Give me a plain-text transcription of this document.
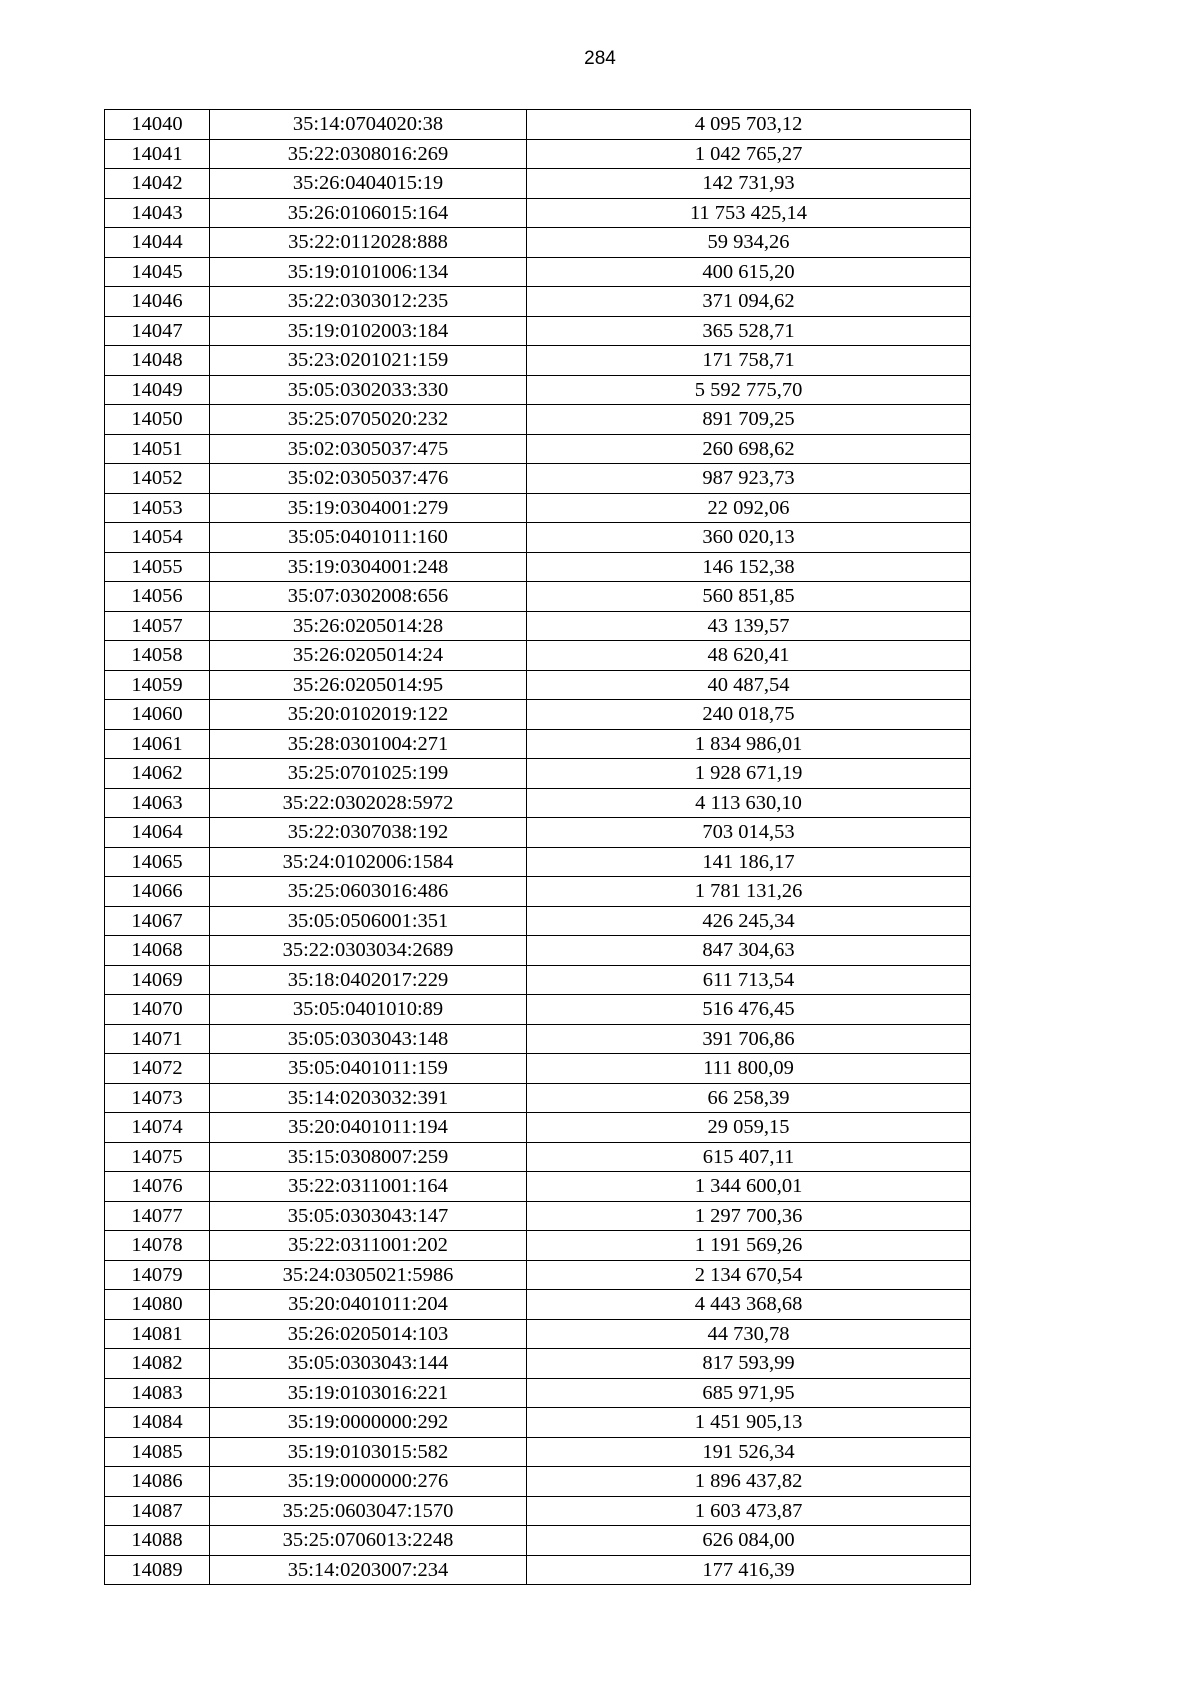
284
14040	35:14:0704020:38	4 095 703,12
14041	35:22:0308016:269	1 042 765,27
14042	35:26:0404015:19	142 731,93
14043	35:26:0106015:164	11 753 425,14
14044	35:22:0112028:888	59 934,26
14045	35:19:0101006:134	400 615,20
14046	35:22:0303012:235	371 094,62
14047	35:19:0102003:184	365 528,71
14048	35:23:0201021:159	171 758,71
14049	35:05:0302033:330	5 592 775,70
14050	35:25:0705020:232	891 709,25
14051	35:02:0305037:475	260 698,62
14052	35:02:0305037:476	987 923,73
14053	35:19:0304001:279	22 092,06
14054	35:05:0401011:160	360 020,13
14055	35:19:0304001:248	146 152,38
14056	35:07:0302008:656	560 851,85
14057	35:26:0205014:28	43 139,57
14058	35:26:0205014:24	48 620,41
14059	35:26:0205014:95	40 487,54
14060	35:20:0102019:122	240 018,75
14061	35:28:0301004:271	1 834 986,01
14062	35:25:0701025:199	1 928 671,19
14063	35:22:0302028:5972	4 113 630,10
14064	35:22:0307038:192	703 014,53
14065	35:24:0102006:1584	141 186,17
14066	35:25:0603016:486	1 781 131,26
14067	35:05:0506001:351	426 245,34
14068	35:22:0303034:2689	847 304,63
14069	35:18:0402017:229	611 713,54
14070	35:05:0401010:89	516 476,45
14071	35:05:0303043:148	391 706,86
14072	35:05:0401011:159	111 800,09
14073	35:14:0203032:391	66 258,39
14074	35:20:0401011:194	29 059,15
14075	35:15:0308007:259	615 407,11
14076	35:22:0311001:164	1 344 600,01
14077	35:05:0303043:147	1 297 700,36
14078	35:22:0311001:202	1 191 569,26
14079	35:24:0305021:5986	2 134 670,54
14080	35:20:0401011:204	4 443 368,68
14081	35:26:0205014:103	44 730,78
14082	35:05:0303043:144	817 593,99
14083	35:19:0103016:221	685 971,95
14084	35:19:0000000:292	1 451 905,13
14085	35:19:0103015:582	191 526,34
14086	35:19:0000000:276	1 896 437,82
14087	35:25:0603047:1570	1 603 473,87
14088	35:25:0706013:2248	626 084,00
14089	35:14:0203007:234	177 416,39
